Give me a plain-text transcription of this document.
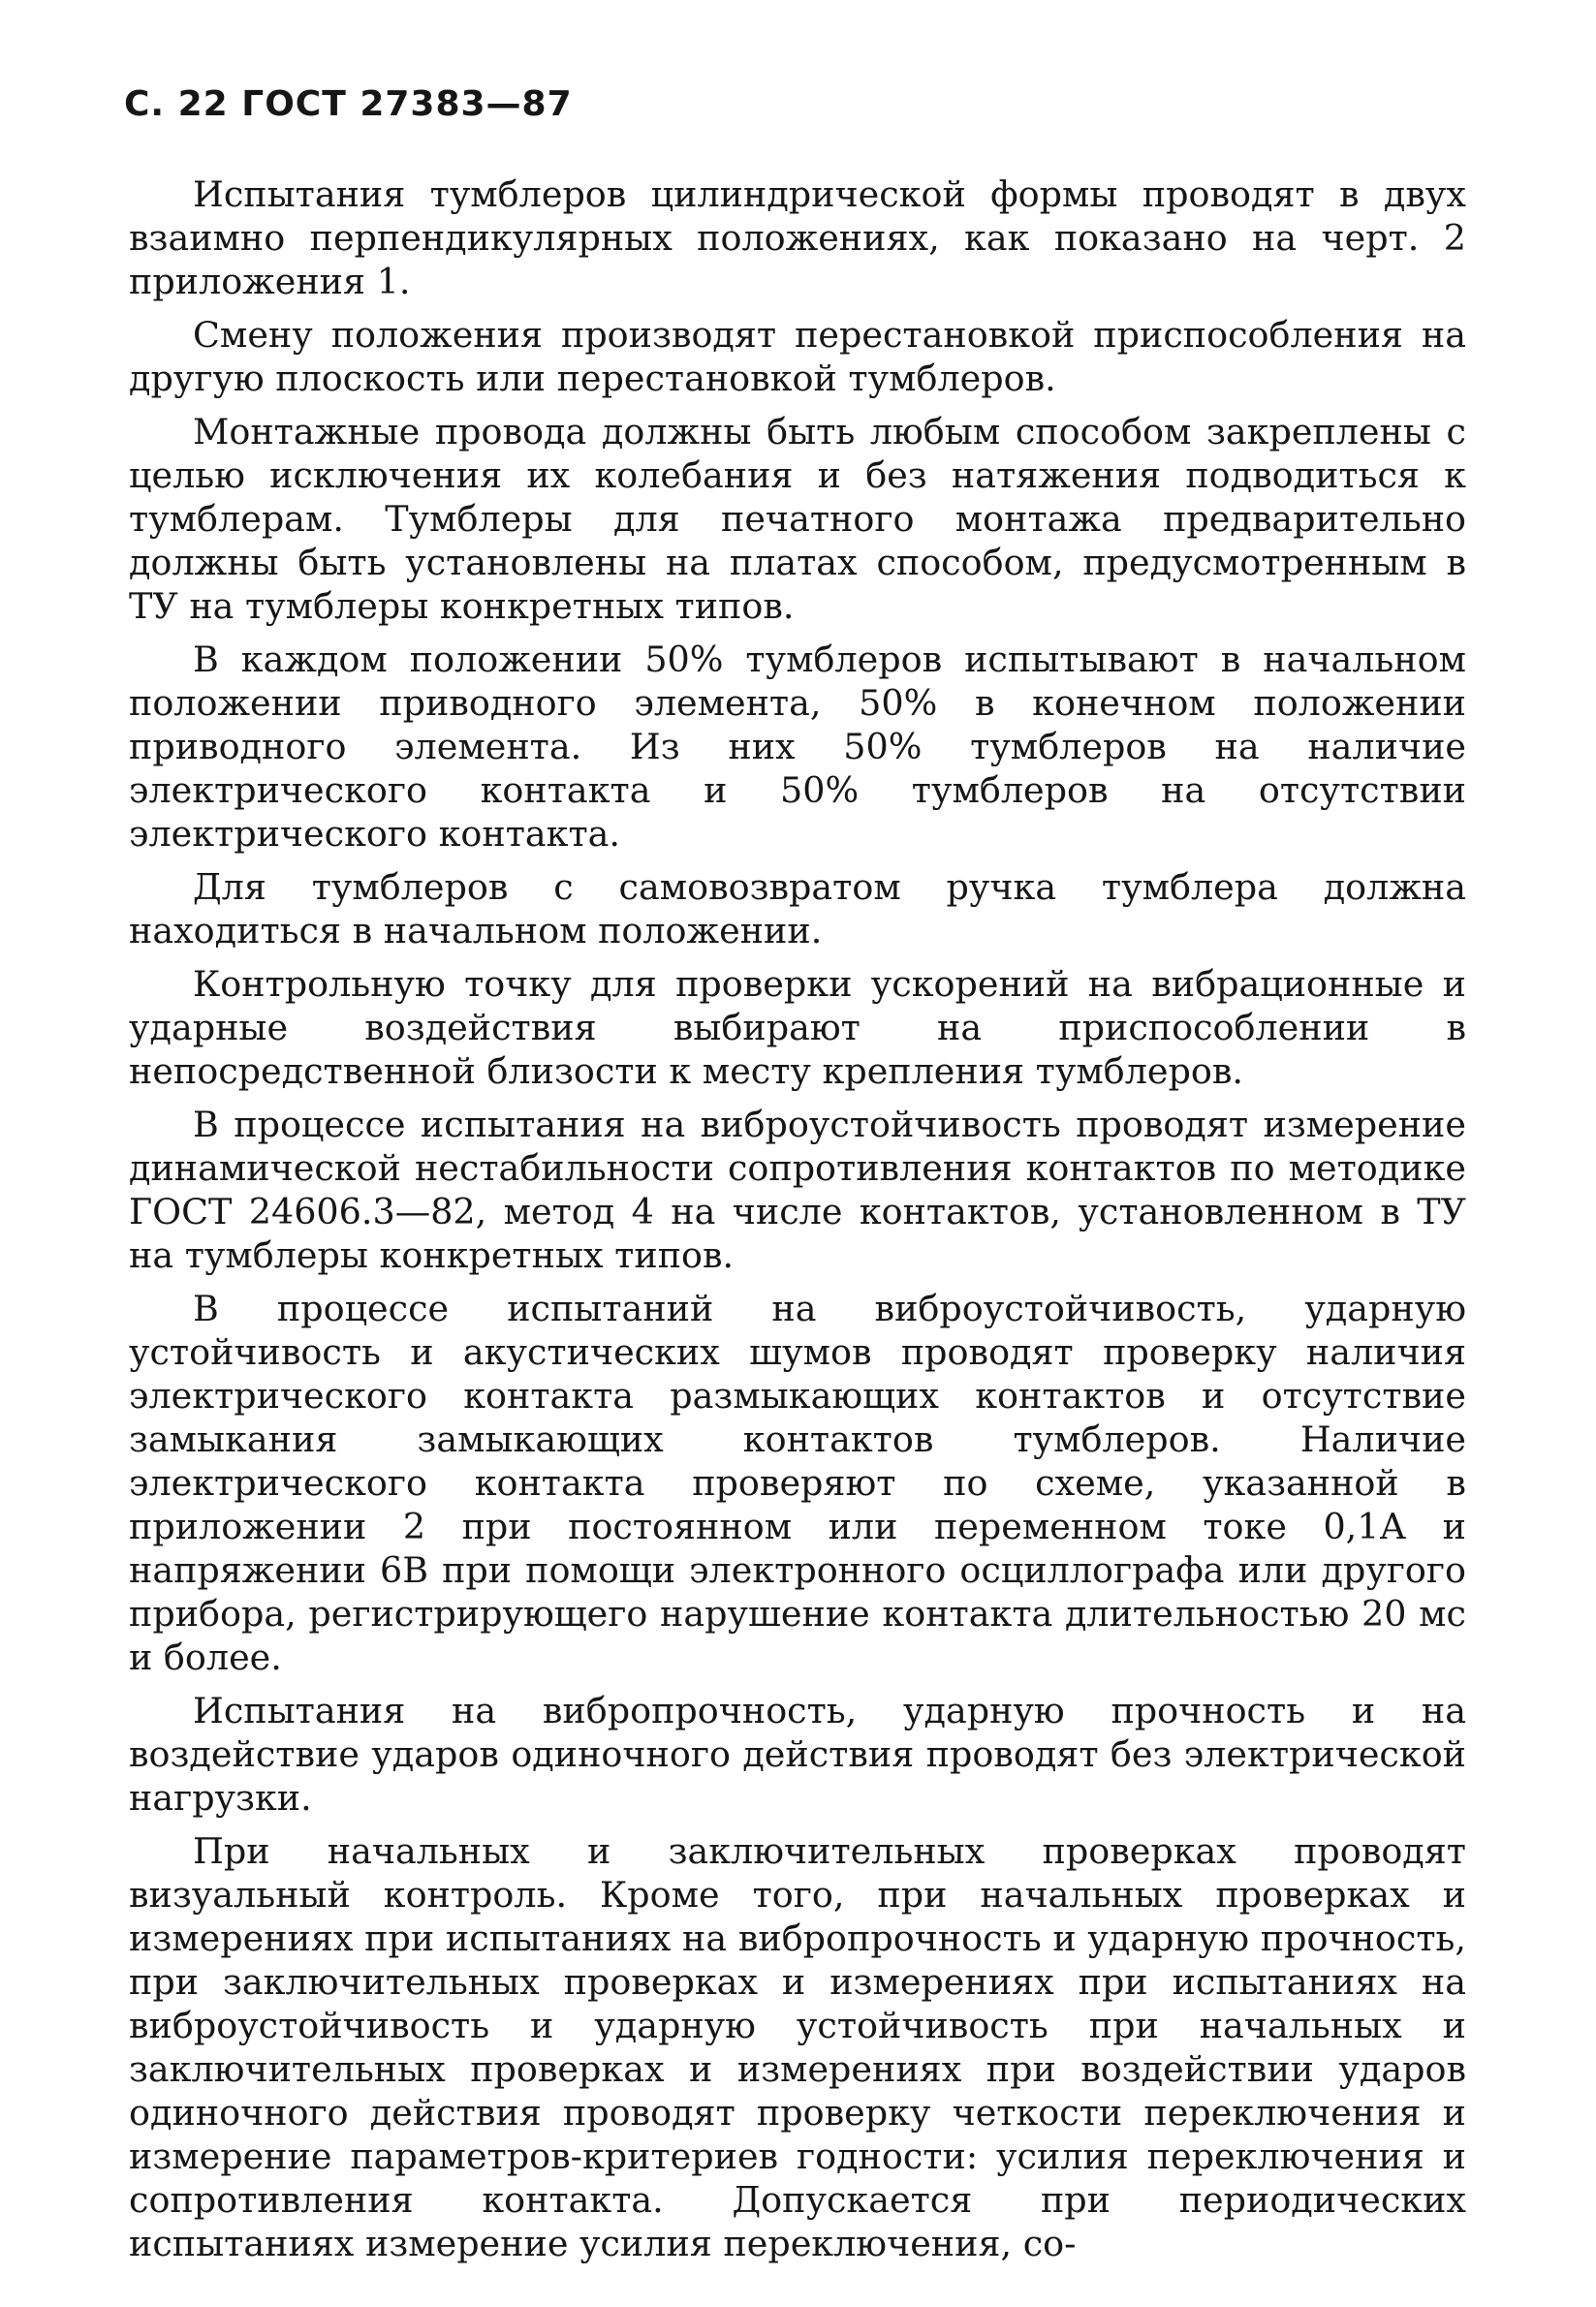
С. 22 ГОСТ 27383—87

Испытания тумблеров цилиндрической формы проводят в двух взаимно перпендикулярных положениях, как показано на черт. 2 приложения 1.

Смену положения производят перестановкой приспособления на другую плоскость или перестановкой тумблеров.

Монтажные провода должны быть любым способом закреплены с целью исключения их колебания и без натяжения подводиться к тумблерам. Тумблеры для печатного монтажа предварительно должны быть установлены на платах способом, предусмотренным в ТУ на тумблеры конкретных типов.

В каждом положении 50% тумблеров испытывают в начальном положении приводного элемента, 50% в конечном положении приводного элемента. Из них 50% тумблеров на наличие электрического контакта и 50% тумблеров на отсутствии электрического контакта.

Для тумблеров с самовозвратом ручка тумблера должна находиться в начальном положении.

Контрольную точку для проверки ускорений на вибрационные и ударные воздействия выбирают на приспособлении в непосредственной близости к месту крепления тумблеров.

В процессе испытания на виброустойчивость проводят измерение динамической нестабильности сопротивления контактов по методике ГОСТ 24606.3—82, метод 4 на числе контактов, установленном в ТУ на тумблеры конкретных типов.

В процессе испытаний на виброустойчивость, ударную устойчивость и акустических шумов проводят проверку наличия электрического контакта размыкающих контактов и отсутствие замыкания замыкающих контактов тумблеров. Наличие электрического контакта проверяют по схеме, указанной в приложении 2 при постоянном или переменном токе 0,1А и напряжении 6В при помощи электронного осциллографа или другого прибора, регистрирующего нарушение контакта длительностью 20 мс и более.

Испытания на вибропрочность, ударную прочность и на воздействие ударов одиночного действия проводят без электрической нагрузки.

При начальных и заключительных проверках проводят визуальный контроль. Кроме того, при начальных проверках и измерениях при испытаниях на вибропрочность и ударную прочность, при заключительных проверках и измерениях при испытаниях на виброустойчивость и ударную устойчивость при начальных и заключительных проверках и измерениях при воздействии ударов одиночного действия проводят проверку четкости переключения и измерение параметров-критериев годности: усилия переключения и сопротивления контакта. Допускается при периодических испытаниях измерение усилия переключения, со-
